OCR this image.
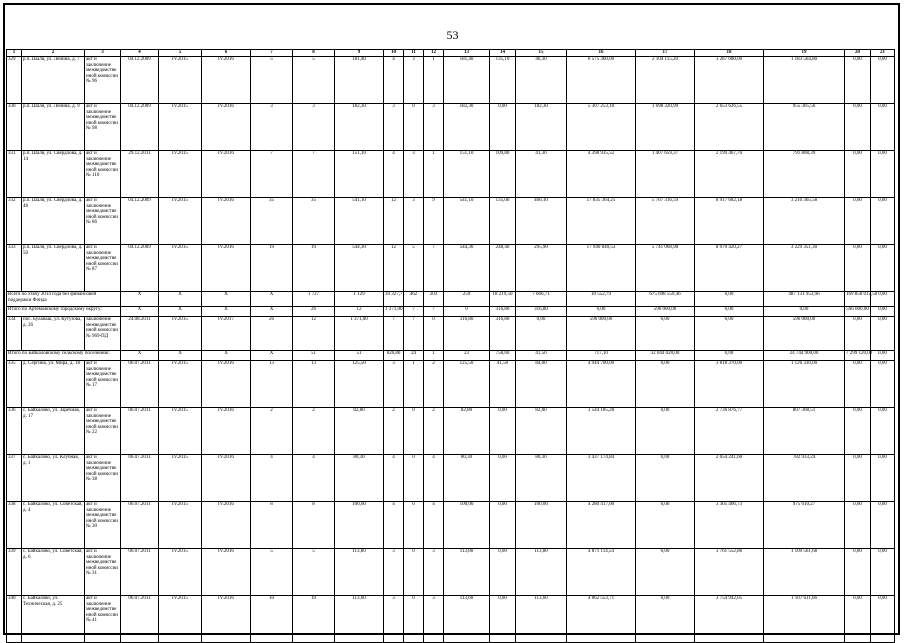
53
1	2	3	4	5	6	7	8	9	10	11	12	13	14	15	16	17	18	19	20	21	
329	р.п. Шаля, ул. Ленина, д. 7	акт и заключение межведомственной комиссии № 96	04.12.2009	IV.2015	IV.2016	5	5	181,40	4	3	1	181,40	135,10	46,30	6 575 360,00	2 104 115,20	3 287 680,00	1 183 564,80	0,00	0,00	
330	р.п. Шаля, ул. Ленина, д. 9	акт и заключение межведомственной комиссии № 98	04.12.2009	IV.2015	IV.2016	3	3	182,30	3	0	3	182,30	0,00	182,30	5 307 253,10	1 698 320,99	2 653 626,55	955 305,56	0,00	0,00	
331	р.п. Шаля, ул. Свердлова, д. 14	акт и заключение межведомственной комиссии № 110	29.12.2011	IV.2015	IV.2016	7	7	151,10	4	3	1	151,10	109,80	41,30	4 398 935,52	1 407 659,37	2 199 467,76	791 808,39	0,00	0,00	
332	р.п. Шаля, ул. Свердлова, д. 48	акт и заключение межведомственной комиссии № 86	04.12.2009	IV.2015	IV.2016	35	35	541,10	12	3	9	541,10	135,00	406,10	17 835 364,25	5 707 316,59	8 917 682,18	3 210 365,58	0,00	0,00	
333	р.п. Шаля, ул. Свердлова, д. 50	акт и заключение межведомственной комиссии № 87	04.12.2009	IV.2015	IV.2016	19	19	544,30	12	5	7	544,30	248,40	295,90	17 940 840,53	5 741 068,98	8 970 420,27	3 229 351,30	0,00	0,00	
Всего по этапу 2014 года без финансовой поддержки Фонда			X	X	X	X	1 727	1 129	39 327,71	462	203	259	18 219,50	7 666,71	10 552,79	675 698 559,46	0,00	487 131 953,96	169 858 012,50	0,00	
Итого по Артемовскому городскому округу:			X	X	X	X	26	12	1 371,00	7	7	0	316,80	316,80	0,00	596 000,00	0,00	0,00	596 000,00	0,00	
334	пос. Буланаш, ул. Кутузова, д. 26	заключение межведомственной комиссии № 969-ПД	24.08.2011	IV.2015	IV.2017	26	12	1 371,00	7	7	0	316,80	316,80	0,00	596 000,00	0,00	0,00	596 000,00	0,00	0,00	
Итого по Байкаловскому сельскому поселению:			X	X	X	X	51	51	826,80	24	1	23	758,60	41,50	717,10	32 044 020,00	0,00	24 744 900,00	7 299 120,00	0,00	
335	д. Сергина, ул. Мира, д. 18	акт и заключение межведомственной комиссии № 17	06.07.2011	IV.2015	IV.2016	13	13	125,50	3	1	2	125,50	41,50	84,00	4 944 700,00	0,00	3 818 370,00	1 126 330,00	0,00	0,00	
336	с. Байкалово, ул. Заречная, д. 17	акт и заключение межведомственной комиссии № 22	06.07.2011	IV.2015	IV.2016	2	2	82,80	2	0	2	82,80	0,00	82,80	3 544 185,28	0,00	2 736 876,77	807 308,51	0,00	0,00	
337	с. Байкалово, ул. Клубная, д. 1	акт и заключение межведомственной комиссии № 38	06.07.2011	IV.2015	IV.2016	4	4	80,30	4	0	4	80,30	0,00	80,30	3 437 174,84	0,00	2 654 241,60	782 933,24	0,00	0,00	
338	с. Байкалово, ул. Советская, д. 4	акт и заключение межведомственной комиссии № 30	06.07.2011	IV.2015	IV.2016	8	8	100,00	4	0	4	100,00	0,00	100,00	4 280 417,00	0,00	3 305 406,73	975 010,27	0,00	0,00	
339	с. Байкалово, ул. Советская, д. 6	акт и заключение межведомственной комиссии № 31	06.07.2011	IV.2015	IV.2016	5	5	113,80	3	0	3	113,80	0,00	113,80	4 871 114,54	0,00	3 761 552,86	1 109 561,68	0,00	0,00	
340	с. Байкалово, ул. Техническая, д. 25	акт и заключение межведомственной комиссии № 41	06.07.2011	IV.2015	IV.2016	10	10	113,60	3	0	3	113,60	0,00	113,60	4 862 553,71	0,00	3 754 942,05	1 107 611,66	0,00	0,00	
